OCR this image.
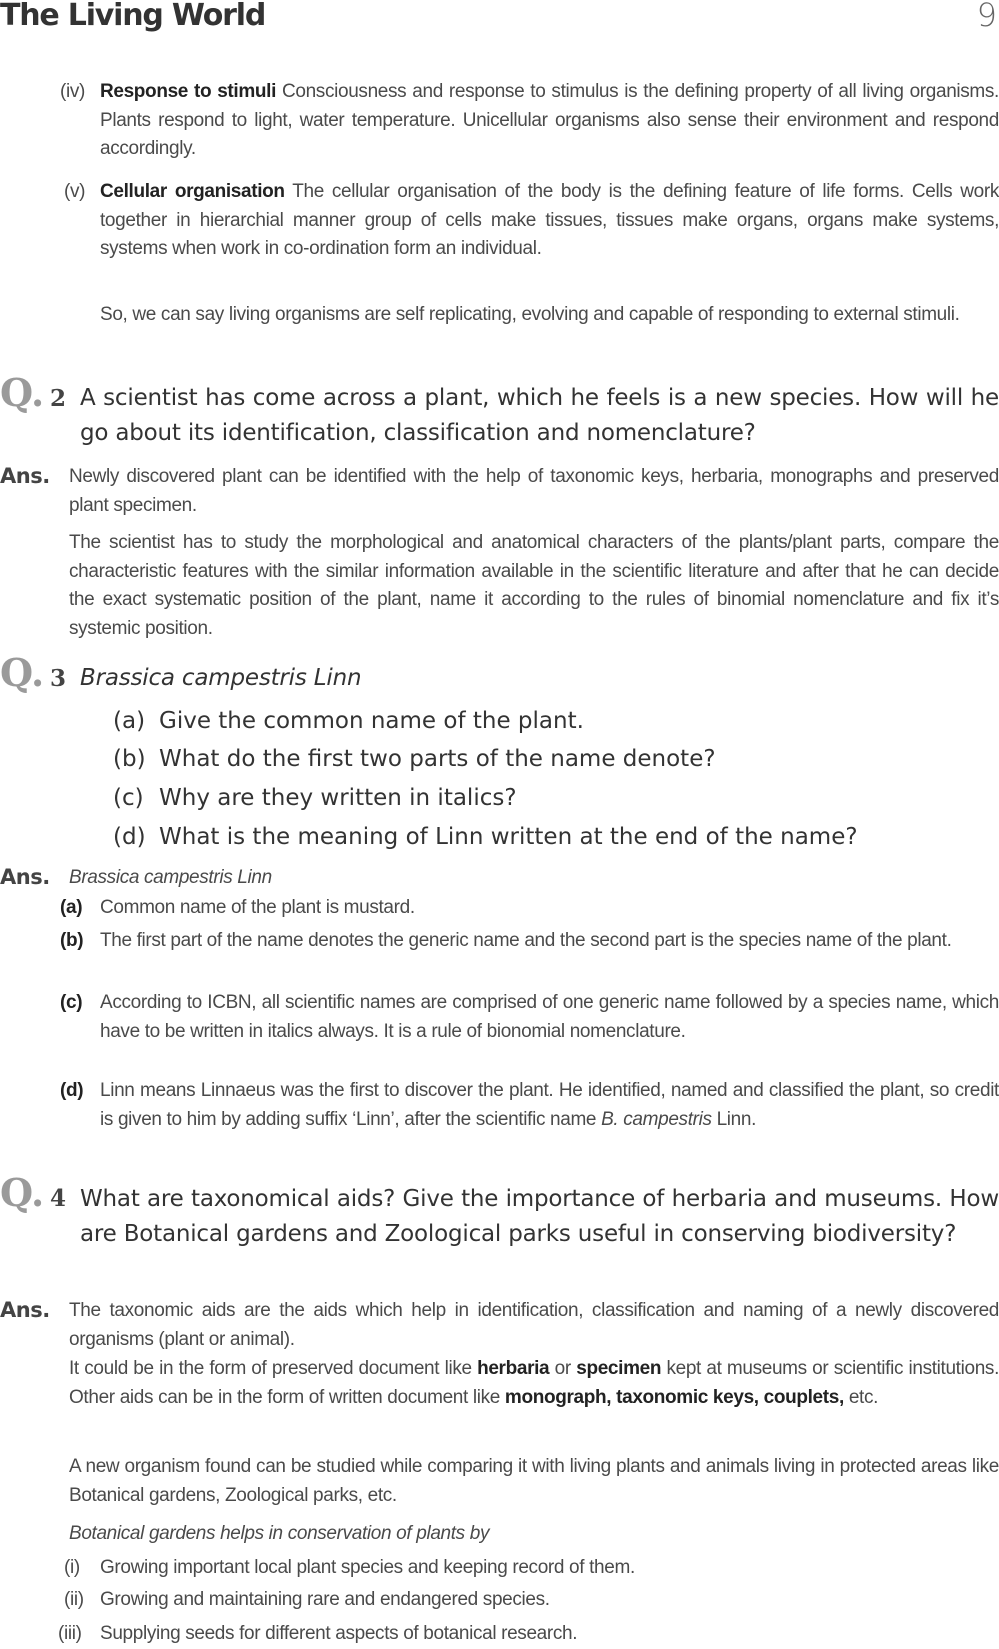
The Living World	9
(iv) Response to stimuli Consciousness and response to stimulus is the defining property of all living organisms. Plants respond to light, water temperature. Unicellular organisms also sense their environment and respond accordingly.
(v) Cellular organisation The cellular organisation of the body is the defining feature of life forms. Cells work together in hierarchial manner group of cells make tissues, tissues make organs, organs make systems, systems when work in co-ordination form an individual.
So, we can say living organisms are self replicating, evolving and capable of responding to external stimuli.
Q. 2 A scientist has come across a plant, which he feels is a new species. How will he go about its identification, classification and nomenclature?
Ans. Newly discovered plant can be identified with the help of taxonomic keys, herbaria, monographs and preserved plant specimen.
The scientist has to study the morphological and anatomical characters of the plants/plant parts, compare the characteristic features with the similar information available in the scientific literature and after that he can decide the exact systematic position of the plant, name it according to the rules of binomial nomenclature and fix it’s systemic position.
Q. 3 Brassica campestris Linn
(a) Give the common name of the plant.
(b) What do the first two parts of the name denote?
(c) Why are they written in italics?
(d) What is the meaning of Linn written at the end of the name?
Ans. Brassica campestris Linn
(a) Common name of the plant is mustard.
(b) The first part of the name denotes the generic name and the second part is the species name of the plant.
(c) According to ICBN, all scientific names are comprised of one generic name followed by a species name, which have to be written in italics always. It is a rule of bionomial nomenclature.
(d) Linn means Linnaeus was the first to discover the plant. He identified, named and classified the plant, so credit is given to him by adding suffix ‘Linn’, after the scientific name B. campestris Linn.
Q. 4 What are taxonomical aids? Give the importance of herbaria and museums. How are Botanical gardens and Zoological parks useful in conserving biodiversity?
Ans. The taxonomic aids are the aids which help in identification, classification and naming of a newly discovered organisms (plant or animal).
It could be in the form of preserved document like herbaria or specimen kept at museums or scientific institutions. Other aids can be in the form of written document like monograph, taxonomic keys, couplets, etc.
A new organism found can be studied while comparing it with living plants and animals living in protected areas like Botanical gardens, Zoological parks, etc.
Botanical gardens helps in conservation of plants by
(i) Growing important local plant species and keeping record of them.
(ii) Growing and maintaining rare and endangered species.
(iii) Supplying seeds for different aspects of botanical research.
